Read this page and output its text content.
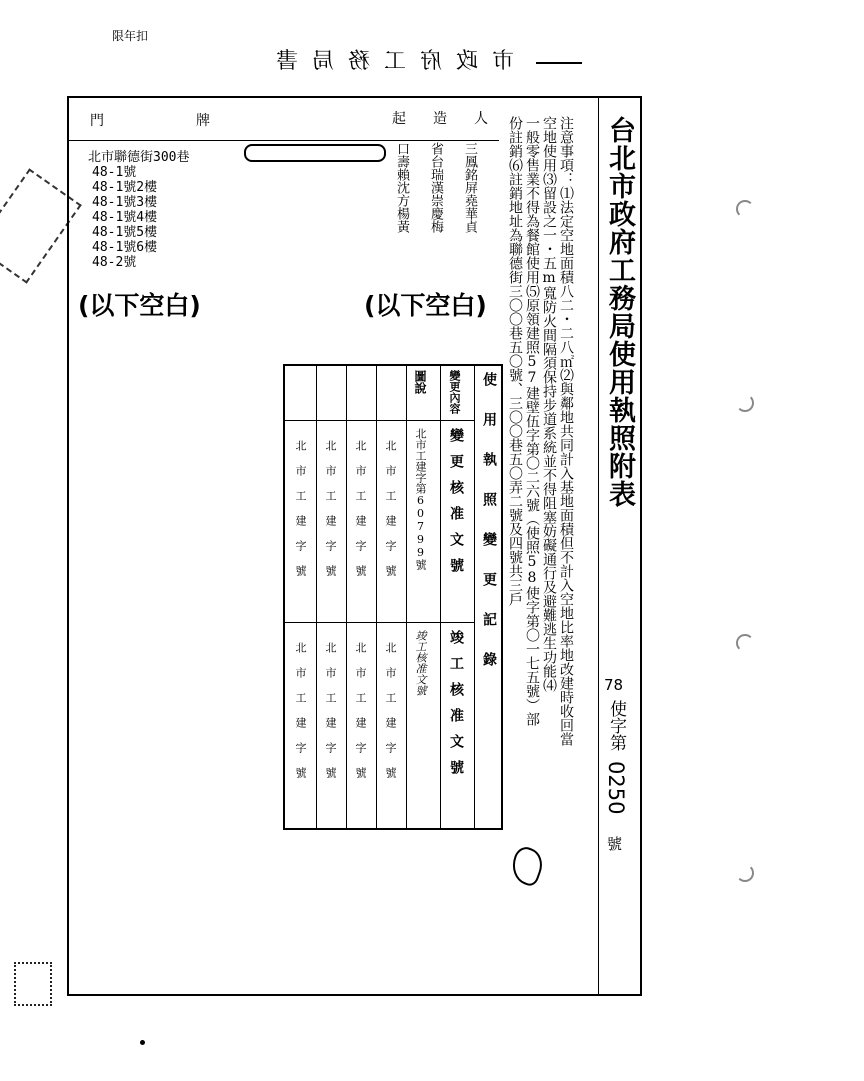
限年扣
市政府工務局書
台北市政府工務局使用執照附表
78
使字第
0250
號
注意事項：⑴法定空地面積八二・二八㎡⑵與鄰地共同計入基地面積但不計入空地比率地改建時收回當
空地使用⑶留設之一・五m寬防火間隔須保持步道系統並不得阻塞妨礙通行及避難逃生功能⑷
一般零售業不得為餐館使用⑸原領建照57建壁伍字第〇二六號（使照58使字第〇一七五號）部
份註銷⑹註銷地址為聯德街三〇〇巷五〇號、三〇〇巷五〇弄二號及四號共三戶
門	牌
北市聯德街300巷
48-1號
48-1號2樓
48-1號3樓
48-1號4樓
48-1號5樓
48-1號6樓
48-2號
(以下空白)
起 造 人
三鳳銘屏堯華貞
省台瑞漢崇慶梅
口壽賴沈方楊黃
(以下空白)
使用執照變更記錄
變更核准文號
竣工核准文號
變更內容
圖說
北市工建字第60799號
竣工核准文號
北市工建字號
北市工建字號
北市工建字號
北市工建字號
北市工建字號
北市工建字號
北市工建字號
北市工建字號
